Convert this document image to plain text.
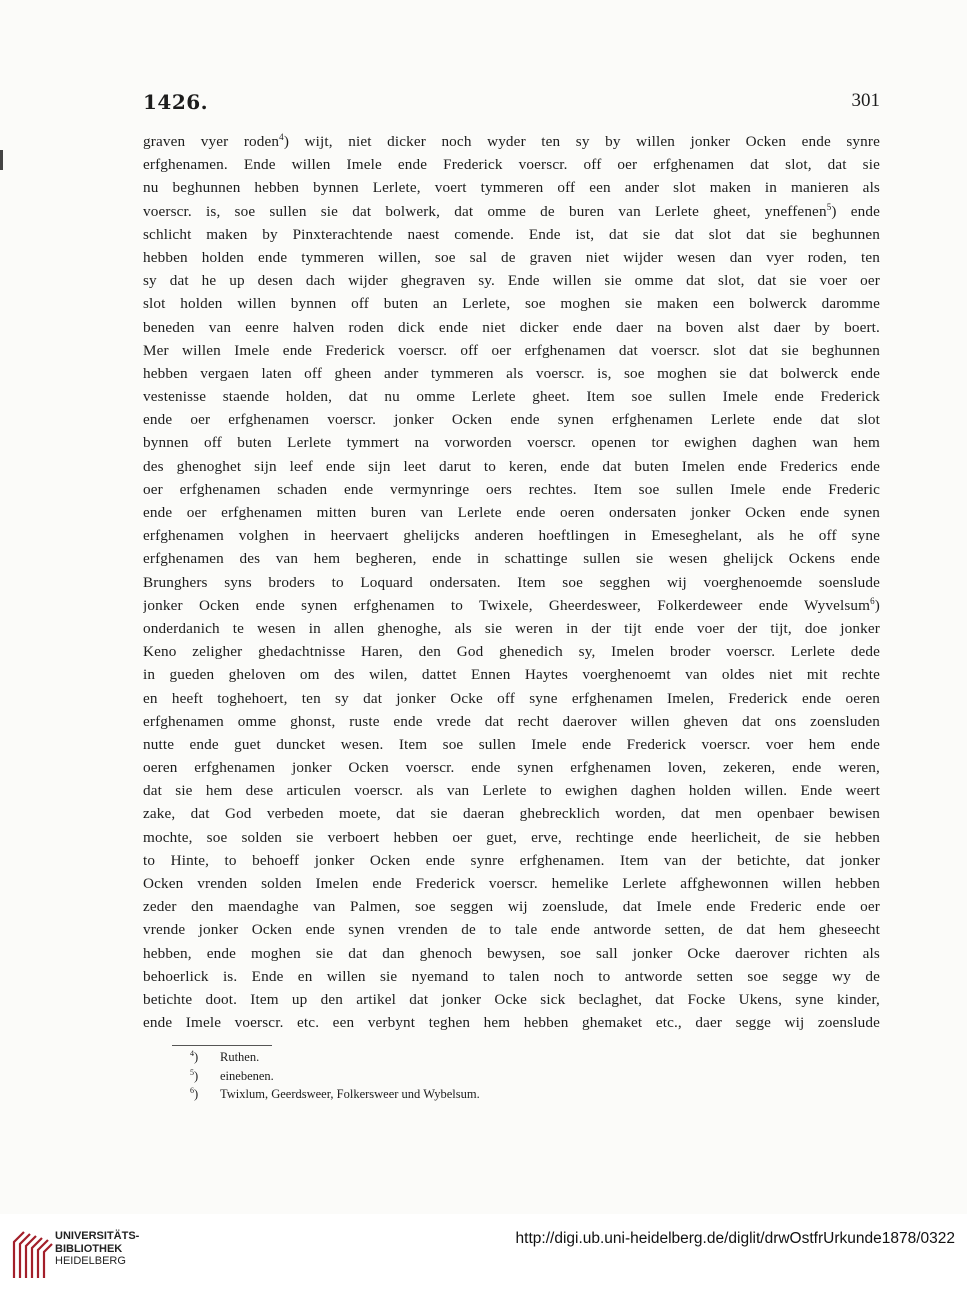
1426.	301
graven vyer roden$^4$) wijt, niet dicker noch wyder ten sy by willen jonker Ocken ende synre
erfghenamen. Ende willen Imele ende Frederick voerscr. off oer erfghenamen dat slot, dat sie
nu beghunnen hebben bynnen Lerlete, voert tymmeren off een ander slot maken in manieren als
voerscr. is, soe sullen sie dat bolwerk, dat omme de buren van Lerlete gheet, yneffenen$^5$) ende
schlicht maken by Pinxterachtende naest comende. Ende ist, dat sie dat slot dat sie beghunnen
hebben holden ende tymmeren willen, soe sal de graven niet wijder wesen dan vyer roden, ten
sy dat he up desen dach wijder ghegraven sy. Ende willen sie omme dat slot, dat sie voer oer
slot holden willen bynnen off buten an Lerlete, soe moghen sie maken een bolwerck daromme
beneden van eenre halven roden dick ende niet dicker ende daer na boven alst daer by boert.
Mer willen Imele ende Frederick voerscr. off oer erfghenamen dat voerscr. slot dat sie beghunnen
hebben vergaen laten off gheen ander tymmeren als voerscr. is, soe moghen sie dat bolwerck ende
vestenisse staende holden, dat nu omme Lerlete gheet. Item soe sullen Imele ende Frederick
ende oer erfghenamen voerscr. jonker Ocken ende synen erfghenamen Lerlete ende dat slot
bynnen off buten Lerlete tymmert na vorworden voerscr. openen tor ewighen daghen wan hem
des ghenoghet sijn leef ende sijn leet darut to keren, ende dat buten Imelen ende Frederics ende
oer erfghenamen schaden ende vermynringe oers rechtes. Item soe sullen Imele ende Frederic
ende oer erfghenamen mitten buren van Lerlete ende oeren ondersaten jonker Ocken ende synen
erfghenamen volghen in heervaert ghelijcks anderen hoeftlingen in Emeseghelant, als he off syne
erfghenamen des van hem begheren, ende in schattinge sullen sie wesen ghelijck Ockens ende
Brunghers syns broders to Loquard ondersaten. Item soe segghen wij voerghenoemde soenslude
jonker Ocken ende synen erfghenamen to Twixele, Gheerdesweer, Folkerdeweer ende Wyvelsum$^6$)
onderdanich te wesen in allen ghenoghe, als sie weren in der tijt ende voer der tijt, doe jonker
Keno zeligher ghedachtnisse Haren, den God ghenedich sy, Imelen broder voerscr. Lerlete dede
in gueden gheloven om des wilen, dattet Ennen Haytes voerghenoemt van oldes niet mit rechte
en heeft toghehoert, ten sy dat jonker Ocke off syne erfghenamen Imelen, Frederick ende oeren
erfghenamen omme ghonst, ruste ende vrede dat recht daerover willen gheven dat ons zoensluden
nutte ende guet duncket wesen. Item soe sullen Imele ende Frederick voerscr. voer hem ende
oeren erfghenamen jonker Ocken voerscr. ende synen erfghenamen loven, zekeren, ende weren,
dat sie hem dese articulen voerscr. als van Lerlete to ewighen daghen holden willen. Ende weert
zake, dat God verbeden moete, dat sie daeran ghebrecklich worden, dat men openbaer bewisen
mochte, soe solden sie verboert hebben oer guet, erve, rechtinge ende heerlicheit, de sie hebben
to Hinte, to behoeff jonker Ocken ende synre erfghenamen. Item van der betichte, dat jonker
Ocken vrenden solden Imelen ende Frederick voerscr. hemelike Lerlete affghewonnen willen hebben
zeder den maendaghe van Palmen, soe seggen wij zoenslude, dat Imele ende Frederic ende oer
vrende jonker Ocken ende synen vrenden de to tale ende antworde setten, de dat hem gheseecht
hebben, ende moghen sie dat dan ghenoch bewysen, soe sall jonker Ocke daerover richten als
behoerlick is. Ende en willen sie nyemand to talen noch to antworde setten soe segge wy de
betichte doot. Item up den artikel dat jonker Ocke sick beclaghet, dat Focke Ukens, syne kinder,
ende Imele voerscr. etc. een verbynt teghen hem hebben ghemaket etc., daer segge wij zoenslude
$^4$) Ruthen.
$^5$) einebenen.
$^6$) Twixlum, Geerdsweer, Folkersweer und Wybelsum.
UNIVERSITÄTS-
BIBLIOTHEK
HEIDELBERG
http://digi.ub.uni-heidelberg.de/diglit/drwOstfrUrkunde1878/0322
